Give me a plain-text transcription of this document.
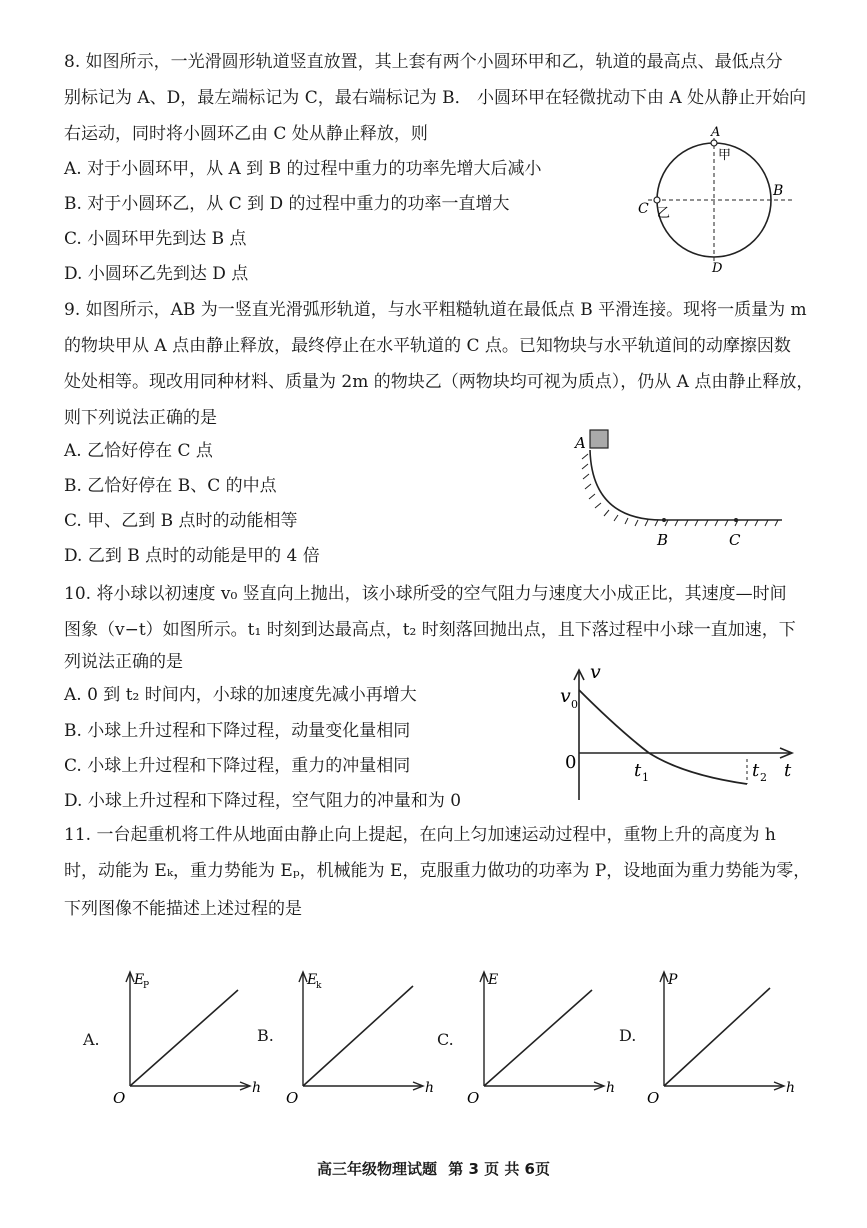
8. 如图所示，一光滑圆形轨道竖直放置，其上套有两个小圆环甲和乙，轨道的最高点、最低点分
别标记为 A、D，最左端标记为 C，最右端标记为 B． 小圆环甲在轻微扰动下由 A 处从静止开始向
右运动，同时将小圆环乙由 C 处从静止释放，则
A. 对于小圆环甲，从 A 到 B 的过程中重力的功率先增大后减小
B. 对于小圆环乙，从 C 到 D 的过程中重力的功率一直增大
C. 小圆环甲先到达 B 点
D. 小圆环乙先到达 D 点
A
甲
B
C 乙
D
9. 如图所示，AB 为一竖直光滑弧形轨道，与水平粗糙轨道在最低点 B 平滑连接。现将一质量为 m
的物块甲从 A 点由静止释放，最终停止在水平轨道的 C 点。已知物块与水平轨道间的动摩擦因数
处处相等。现改用同种材料、质量为 2m 的物块乙（两物块均可视为质点），仍从 A 点由静止释放，
则下列说法正确的是
A. 乙恰好停在 C 点
B. 乙恰好停在 B、C 的中点
C. 甲、乙到 B 点时的动能相等
D. 乙到 B 点时的动能是甲的 4 倍
A
B	C
10. 将小球以初速度 v₀ 竖直向上抛出，该小球所受的空气阻力与速度大小成正比，其速度—时间
图象（v−t）如图所示。t₁ 时刻到达最高点，t₂ 时刻落回抛出点，且下落过程中小球一直加速，下
列说法正确的是
A. 0 到 t₂ 时间内，小球的加速度先减小再增大
B. 小球上升过程和下降过程，动量变化量相同
C. 小球上升过程和下降过程，重力的冲量相同
D. 小球上升过程和下降过程，空气阻力的冲量和为 0
v
v 0
0	t 1	t 2 t
11. 一台起重机将工件从地面由静止向上提起，在向上匀加速运动过程中，重物上升的高度为 h
时，动能为 Eₖ，重力势能为 Eₚ，机械能为 E，克服重力做功的功率为 P，设地面为重力势能为零，
下列图像不能描述上述过程的是
A.
E
P
h
O
B.
E
k
h
O
C.
E
h
O
D.
P
h
O
高三年级物理试题 第 3 页 共 6页
